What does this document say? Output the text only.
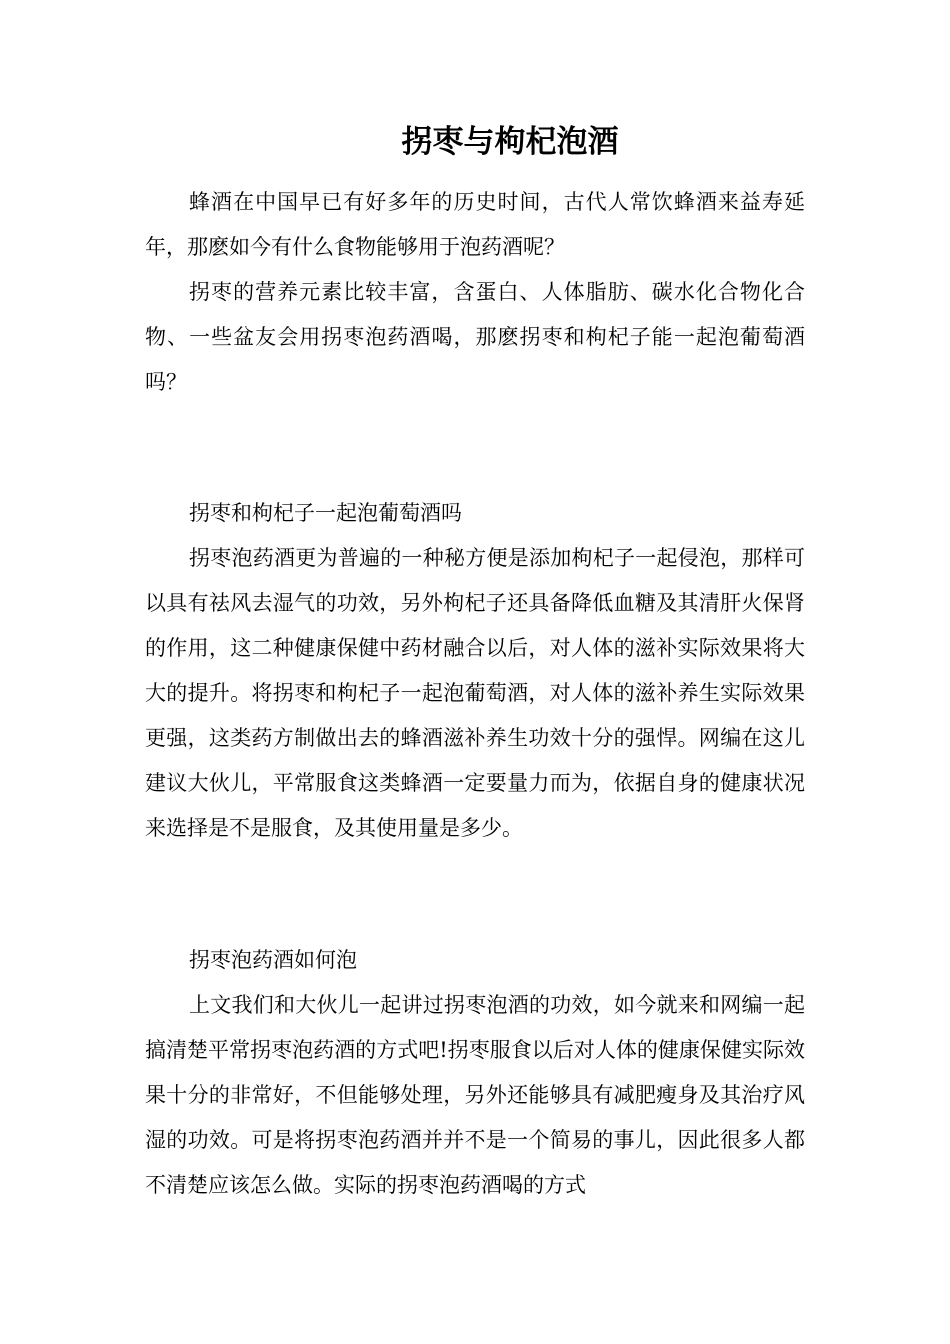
拐枣与枸杞泡酒

蜂酒在中国早已有好多年的历史时间，古代人常饮蜂酒来益寿延年，那麽如今有什么食物能够用于泡药酒呢？

拐枣的营养元素比较丰富，含蛋白、人体脂肪、碳水化合物化合物、一些盆友会用拐枣泡药酒喝，那麽拐枣和枸杞子能一起泡葡萄酒吗？

拐枣和枸杞子一起泡葡萄酒吗

拐枣泡药酒更为普遍的一种秘方便是添加枸杞子一起侵泡，那样可以具有祛风去湿气的功效，另外枸杞子还具备降低血糖及其清肝火保肾的作用，这二种健康保健中药材融合以后，对人体的滋补实际效果将大大的提升。将拐枣和枸杞子一起泡葡萄酒，对人体的滋补养生实际效果更强，这类药方制做出去的蜂酒滋补养生功效十分的强悍。网编在这儿建议大伙儿，平常服食这类蜂酒一定要量力而为，依据自身的健康状况来选择是不是服食，及其使用量是多少。

拐枣泡药酒如何泡

上文我们和大伙儿一起讲过拐枣泡酒的功效，如今就来和网编一起搞清楚平常拐枣泡药酒的方式吧!拐枣服食以后对人体的健康保健实际效果十分的非常好，不但能够处理，另外还能够具有减肥瘦身及其治疗风湿的功效。可是将拐枣泡药酒并并不是一个简易的事儿，因此很多人都不清楚应该怎么做。实际的拐枣泡药酒喝的方式
